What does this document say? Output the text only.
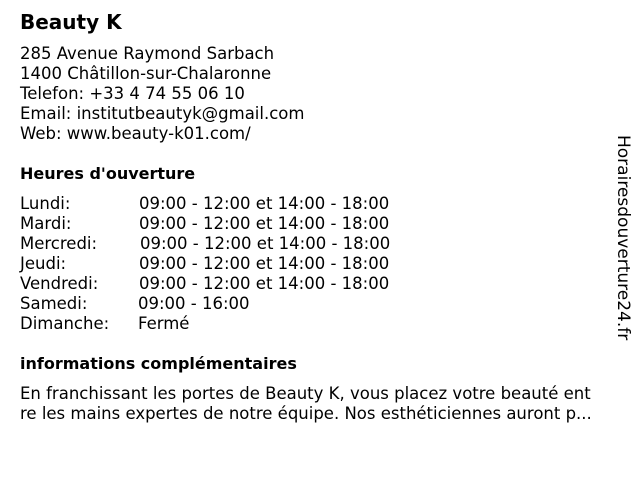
Beauty K
285 Avenue Raymond Sarbach
1400 Châtillon-sur-Chalaronne
Telefon: +33 4 74 55 06 10
Email: institutbeautyk@gmail.com
Web: www.beauty-k01.com/
Heures d'ouverture
Lundi:	09:00 - 12:00 et 14:00 - 18:00
Mardi:	09:00 - 12:00 et 14:00 - 18:00
Mercredi:	09:00 - 12:00 et 14:00 - 18:00
Jeudi:	09:00 - 12:00 et 14:00 - 18:00
Vendredi: 09:00 - 12:00 et 14:00 - 18:00
Samedi:	09:00 - 16:00
Dimanche: Fermé
informations complémentaires
En franchissant les portes de Beauty K, vous placez votre beauté ent
re les mains expertes de notre équipe. Nos esthéticiennes auront p...
Horairesdouverture24.fr
